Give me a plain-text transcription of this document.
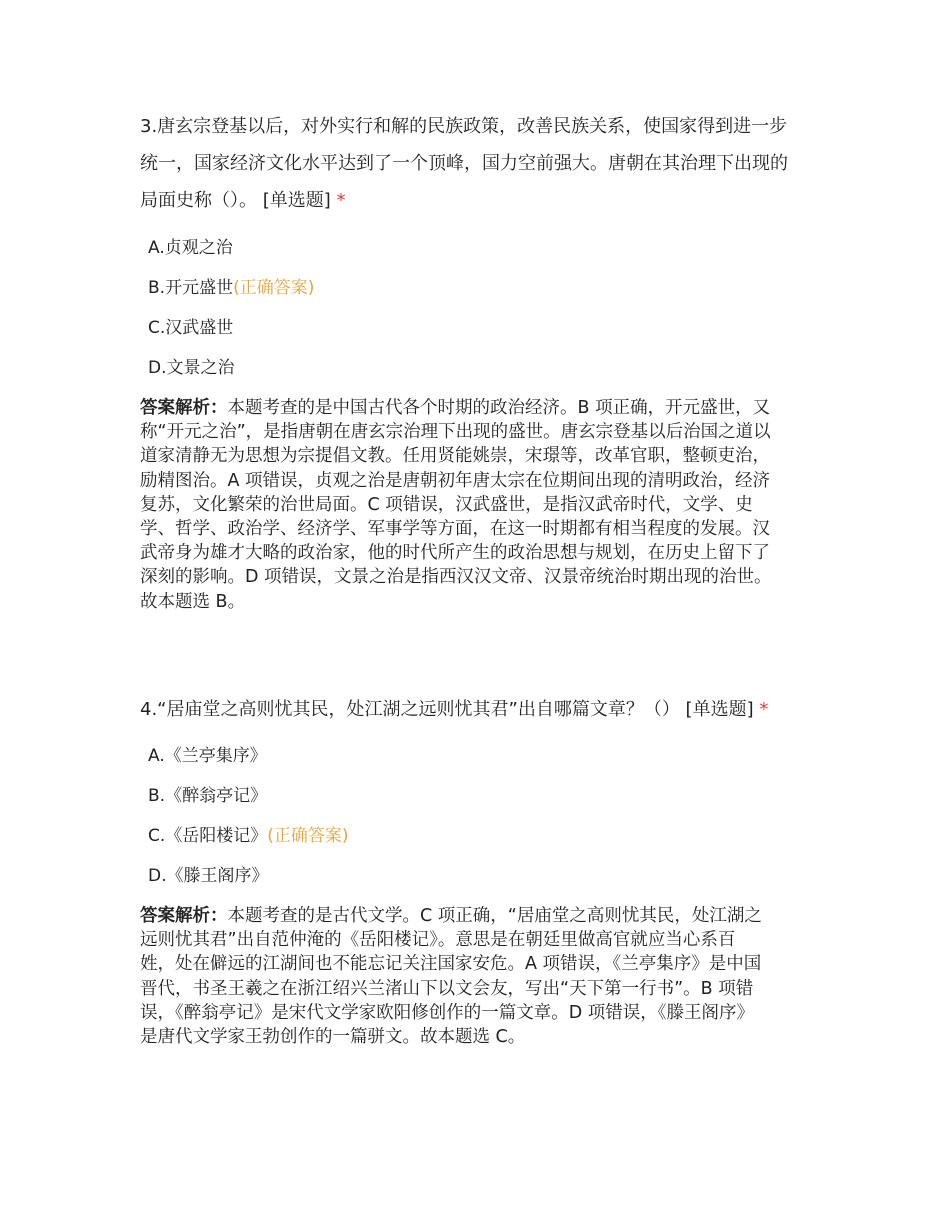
3.唐玄宗登基以后，对外实行和解的民族政策，改善民族关系，使国家得到进一步
统一，国家经济文化水平达到了一个顶峰，国力空前强大。唐朝在其治理下出现的
局面史称（）。 [单选题] *
A.贞观之治
B.开元盛世(正确答案)
C.汉武盛世
D.文景之治
答案解析：本题考查的是中国古代各个时期的政治经济。B 项正确，开元盛世，又
称“开元之治”，是指唐朝在唐玄宗治理下出现的盛世。唐玄宗登基以后治国之道以
道家清静无为思想为宗提倡文教。任用贤能姚崇，宋璟等，改革官职，整顿吏治，
励精图治。A 项错误，贞观之治是唐朝初年唐太宗在位期间出现的清明政治，经济
复苏，文化繁荣的治世局面。C 项错误，汉武盛世，是指汉武帝时代，文学、史
学、哲学、政治学、经济学、军事学等方面，在这一时期都有相当程度的发展。汉
武帝身为雄才大略的政治家，他的时代所产生的政治思想与规划，在历史上留下了
深刻的影响。D 项错误，文景之治是指西汉汉文帝、汉景帝统治时期出现的治世。
故本题选 B。
4.“居庙堂之高则忧其民，处江湖之远则忧其君”出自哪篇文章？（） [单选题] *
A.《兰亭集序》
B.《醉翁亭记》
C.《岳阳楼记》(正确答案)
D.《滕王阁序》
答案解析：本题考查的是古代文学。C 项正确，“居庙堂之高则忧其民，处江湖之
远则忧其君”出自范仲淹的《岳阳楼记》。意思是在朝廷里做高官就应当心系百
姓，处在僻远的江湖间也不能忘记关注国家安危。A 项错误，《兰亭集序》是中国
晋代，书圣王羲之在浙江绍兴兰渚山下以文会友，写出“天下第一行书”。B 项错
误，《醉翁亭记》是宋代文学家欧阳修创作的一篇文章。D 项错误，《滕王阁序》
是唐代文学家王勃创作的一篇骈文。故本题选 C。
